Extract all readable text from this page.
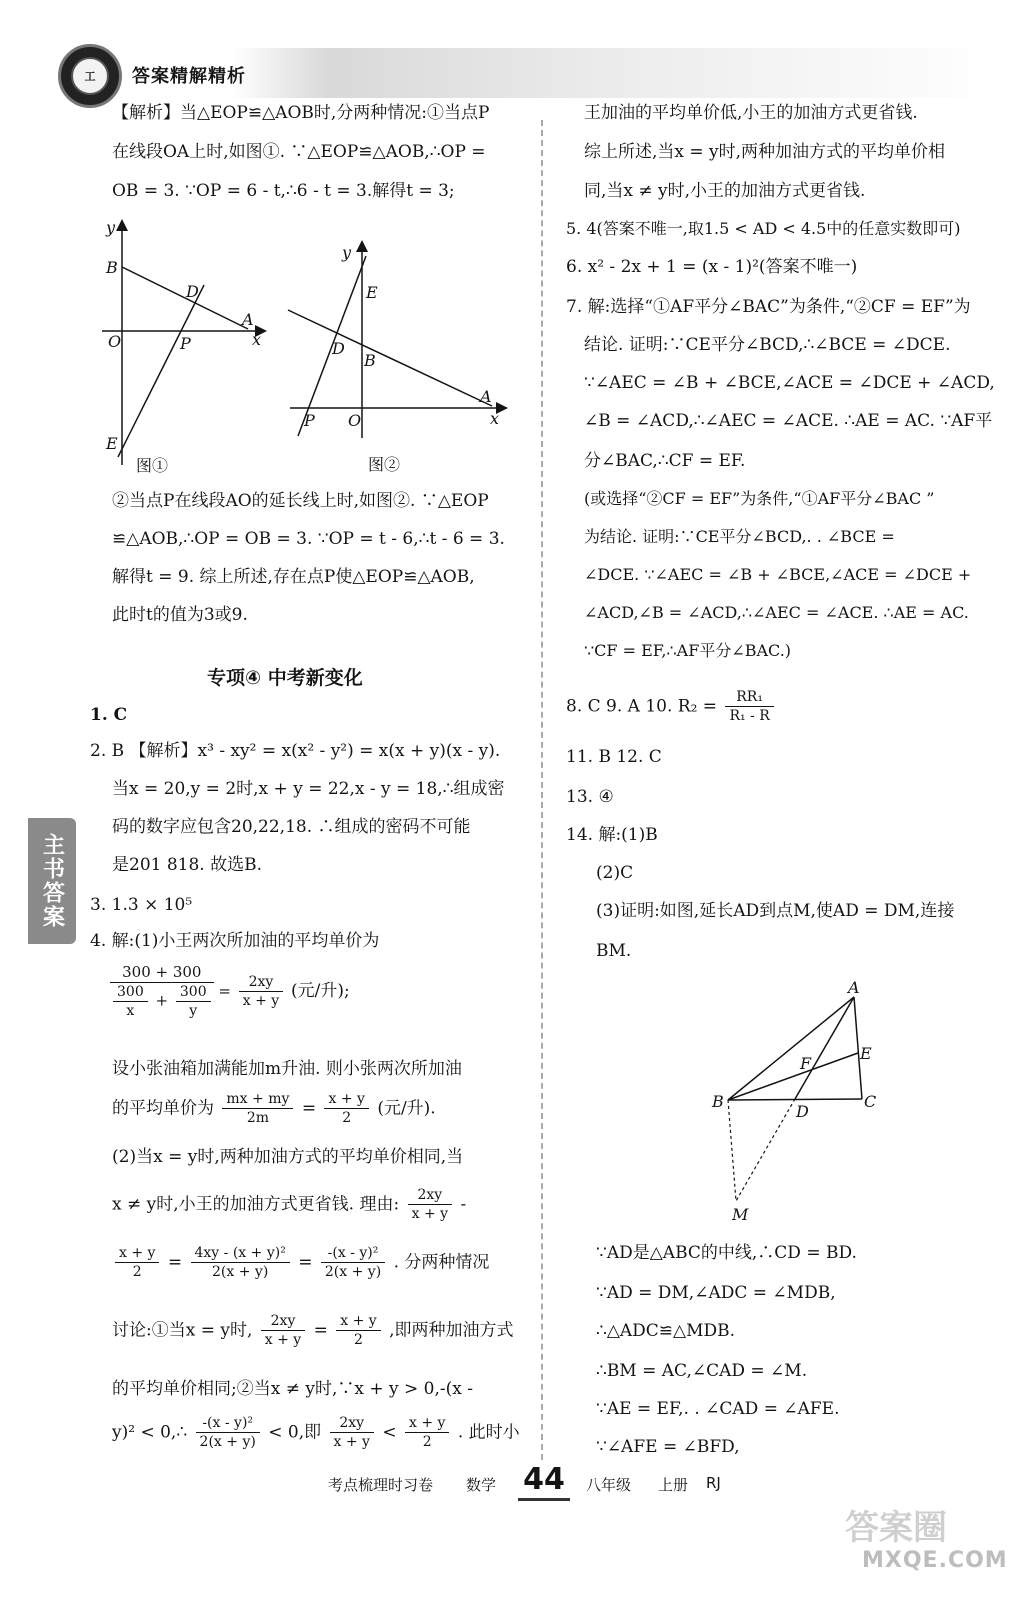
工	答案精解精析
主书答案
【解析】当△EOP≌△AOB时,分两种情况:①当点P
在线段OA上时,如图①. ∵△EOP≌△AOB,∴OP =
OB = 3. ∵OP = 6 - t,∴6 - t = 3.解得t = 3;
y
B
D
A
O	P	x
E
图①
y
E
D
B
A
P O	x
图②
②当点P在线段AO的延长线上时,如图②. ∵△EOP
≌△AOB,∴OP = OB = 3. ∵OP = t - 6,∴t - 6 = 3.
解得t = 9. 综上所述,存在点P使△EOP≌△AOB,
此时t的值为3或9.
专项④ 中考新变化
1. C
2. B 【解析】x³ - xy² = x(x² - y²) = x(x + y)(x - y).
当x = 20,y = 2时,x + y = 22,x - y = 18,∴组成密
码的数字应包含20,22,18. ∴组成的密码不可能
是201 818. 故选B.
3. 1.3 × 10⁵
4. 解:(1)小王两次所加油的平均单价为
$\frac{300 + 300}{\frac{300}{x} + \frac{300}{y}} = \frac{2xy}{x + y}$ (元/升);
设小张油箱加满能加m升油. 则小张两次所加油
的平均单价为 $\frac{mx + my}{2m} = \frac{x + y}{2}$ (元/升).
(2)当x = y时,两种加油方式的平均单价相同,当
x ≠ y时,小王的加油方式更省钱. 理由: $\frac{2xy}{x + y}$ -
$\frac{x + y}{2} = \frac{\text{4xy - (x + y)²}}{2(x + y)} = \frac{\text{-(x - y)²}}{2(x + y)}$ . 分两种情况
讨论:①当x = y时, $\frac{2xy}{x + y} = \frac{x + y}{2}$ ,即两种加油方式
的平均单价相同;②当x ≠ y时,∵x + y > 0,-(x -
y)² < 0,∴ $\frac{\text{-(x - y)²}}{2(x + y)} < 0$,即 $\frac{2xy}{x + y} < \frac{x + y}{2}$ . 此时小
王加油的平均单价低,小王的加油方式更省钱.
综上所述,当x = y时,两种加油方式的平均单价相
同,当x ≠ y时,小王的加油方式更省钱.
5. 4(答案不唯一,取1.5 < AD < 4.5中的任意实数即可)
6. x² - 2x + 1 = (x - 1)²(答案不唯一)
7. 解:选择“①AF平分∠BAC”为条件,“②CF = EF”为
结论. 证明:∵CE平分∠BCD,∴∠BCE = ∠DCE.
∵∠AEC = ∠B + ∠BCE,∠ACE = ∠DCE + ∠ACD,
∠B = ∠ACD,∴∠AEC = ∠ACE. ∴AE = AC. ∵AF平
分∠BAC,∴CF = EF.
(或选择“②CF = EF”为条件,“①AF平分∠BAC ”
为结论. 证明:∵CE平分∠BCD,. . ∠BCE =
∠DCE. ∵∠AEC = ∠B + ∠BCE,∠ACE = ∠DCE +
∠ACD,∠B = ∠ACD,∴∠AEC = ∠ACE. ∴AE = AC.
∵CF = EF,∴AF平分∠BAC.)
8. C 9. A 10. $R_2 = \frac{\text{RR₁}}{\text{R₁ - R}}$
11. B 12. C
13. ④
14. 解:(1)B
(2)C
(3)证明:如图,延长AD到点M,使AD = DM,连接
BM.
A
E
F
B
D
C
M
∵AD是△ABC的中线,∴CD = BD.
∵AD = DM,∠ADC = ∠MDB,
∴△ADC≌△MDB.
∴BM = AC,∠CAD = ∠M.
∵AE = EF,. . ∠CAD = ∠AFE.
∵∠AFE = ∠BFD,
考点梳理时习卷 数学 44	八年级 上册 RJ
答案圈
MXQE.COM
